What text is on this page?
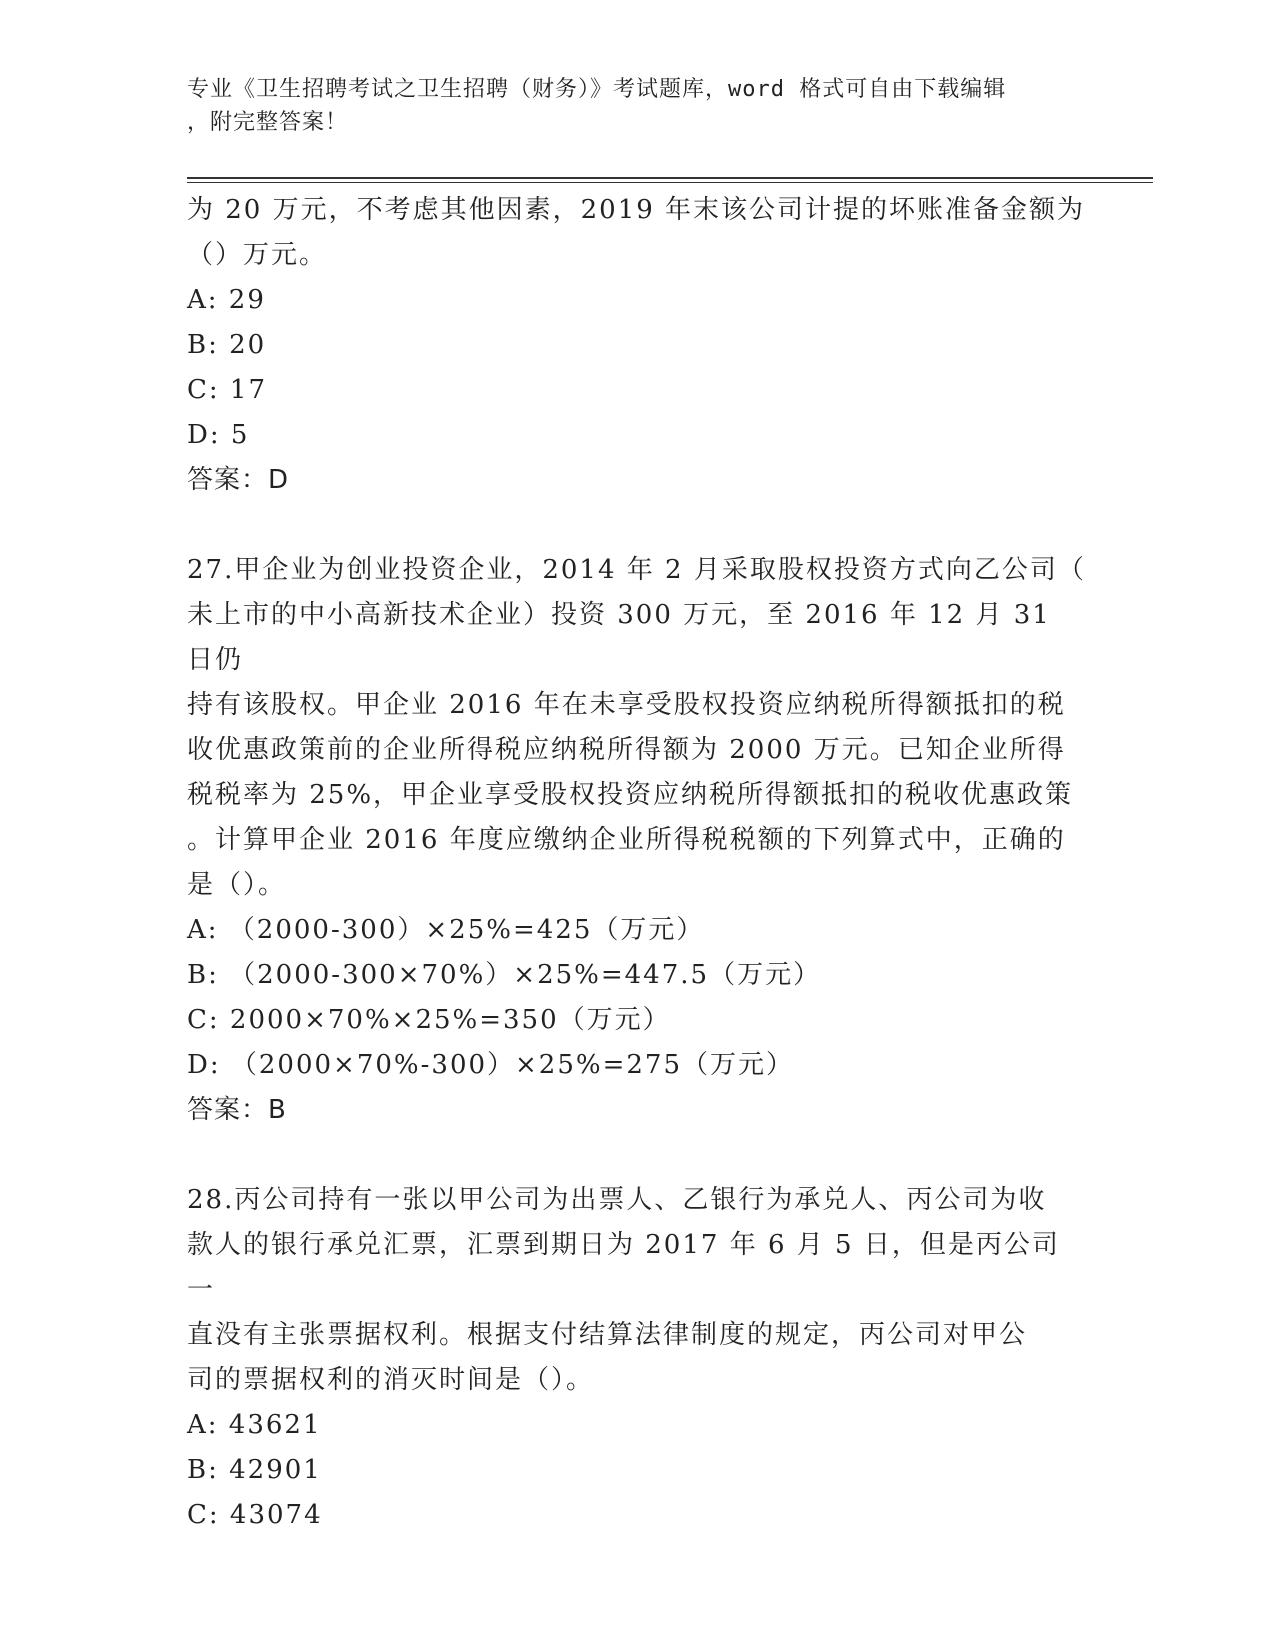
专业《卫生招聘考试之卫生招聘（财务）》考试题库，word 格式可自由下载编辑
，附完整答案！
为 20 万元，不考虑其他因素，2019 年末该公司计提的坏账准备金额为
（）万元。
A: 29
B: 20
C: 17
D: 5
答案：D
27.甲企业为创业投资企业，2014 年 2 月采取股权投资方式向乙公司（
未上市的中小高新技术企业）投资 300 万元，至 2016 年 12 月 31 日仍
持有该股权。甲企业 2016 年在未享受股权投资应纳税所得额抵扣的税
收优惠政策前的企业所得税应纳税所得额为 2000 万元。已知企业所得
税税率为 25%，甲企业享受股权投资应纳税所得额抵扣的税收优惠政策
。计算甲企业 2016 年度应缴纳企业所得税税额的下列算式中，正确的
是（）。
A: （2000-300）×25%=425（万元）
B: （2000-300×70%）×25%=447.5（万元）
C: 2000×70%×25%=350（万元）
D: （2000×70%-300）×25%=275（万元）
答案：B
28.丙公司持有一张以甲公司为出票人、乙银行为承兑人、丙公司为收
款人的银行承兑汇票，汇票到期日为 2017 年 6 月 5 日，但是丙公司一
直没有主张票据权利。根据支付结算法律制度的规定，丙公司对甲公
司的票据权利的消灭时间是（）。
A: 43621
B: 42901
C: 43074
